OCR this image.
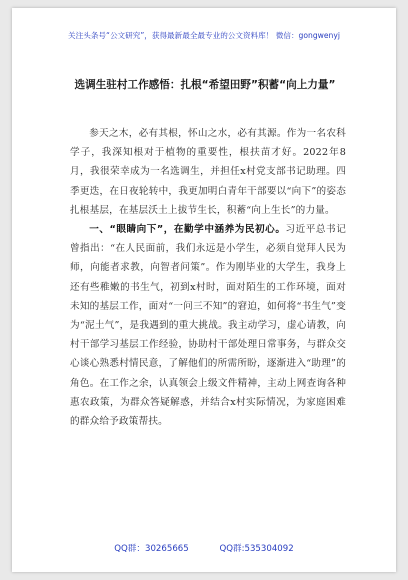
关注头条号“公文研究”，获得最新最全最专业的公文资料库！ 微信：gongwenyj
选调生驻村工作感悟：扎根“希望田野”积蓄“向上力量”

参天之木，必有其根，怀山之水，必有其源。作为一名农科学子，我深知根对于植物的重要性，根扶苗才好。2022年8月，我很荣幸成为一名选调生，并担任x村党支部书记助理。四季更迭，在日夜轮转中，我更加明白青年干部要以“向下”的姿态扎根基层，在基层沃土上拔节生长，积蓄“向上生长”的力量。

一、“眼睛向下”，在勤学中涵养为民初心。习近平总书记曾指出：“在人民面前，我们永远是小学生，必须自觉拜人民为师，向能者求教，向智者问策”。作为刚毕业的大学生，我身上还有些稚嫩的书生气，初到x村时，面对陌生的工作环境，面对未知的基层工作，面对“一问三不知”的窘迫，如何将“书生气”变为“泥土气”，是我遇到的重大挑战。我主动学习，虚心请教，向村干部学习基层工作经验，协助村干部处理日常事务，与群众交心谈心熟悉村情民意，了解他们的所需所盼，逐渐进入“助理”的角色。在工作之余，认真领会上级文件精神，主动上网查询各种惠农政策，为群众答疑解惑，并结合x村实际情况，为家庭困难的群众给予政策帮扶。

QQ群：30265665	QQ群:535304092
